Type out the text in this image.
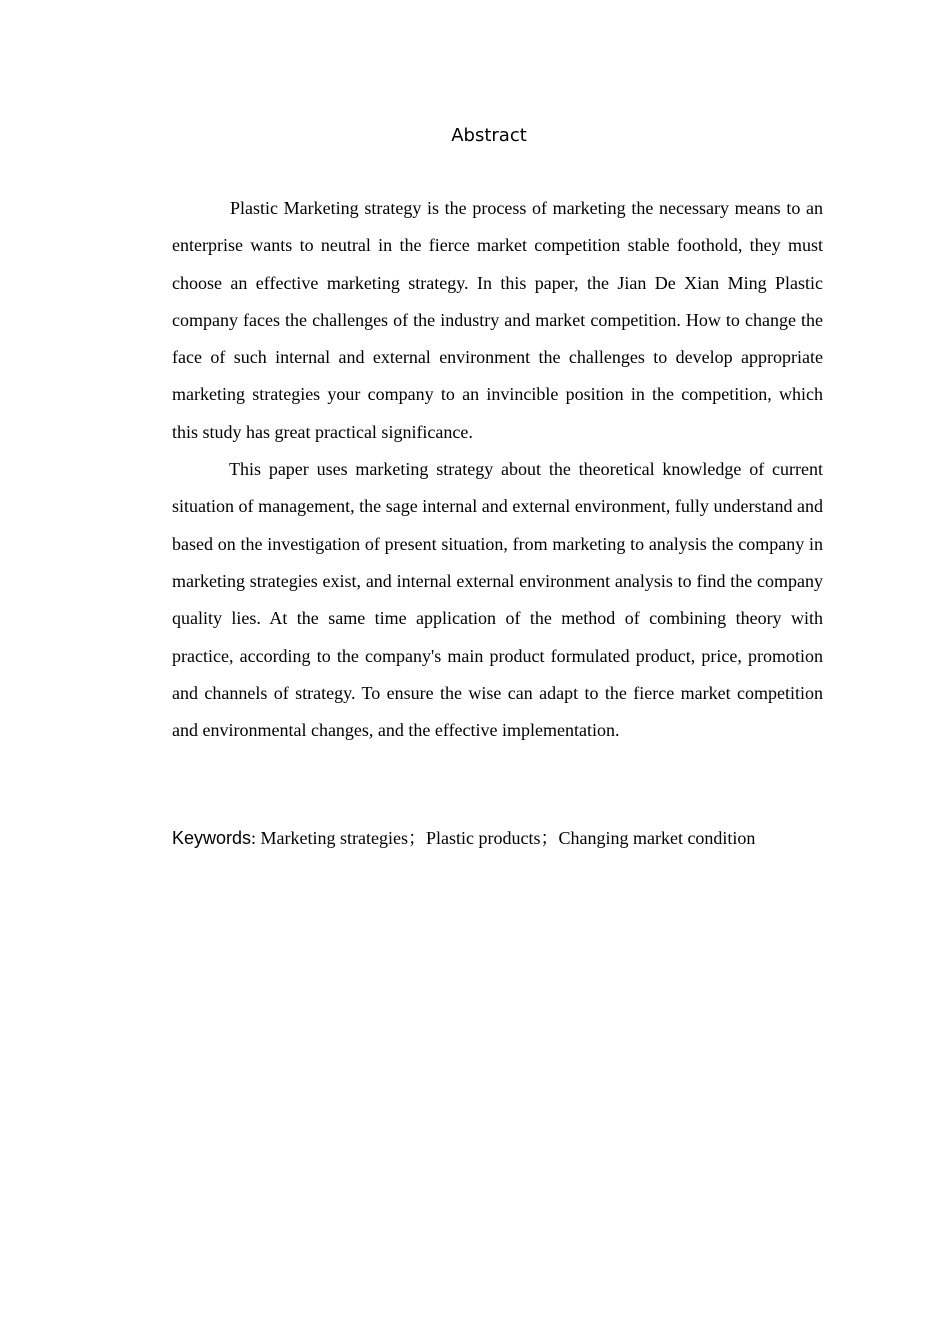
Abstract

Plastic Marketing strategy is the process of marketing the necessary means to an enterprise wants to neutral in the fierce market competition stable foothold, they must choose an effective marketing strategy. In this paper, the Jian De Xian Ming Plastic company faces the challenges of the industry and market competition. How to change the face of such internal and external environment the challenges to develop appropriate marketing strategies your company to an invincible position in the competition, which this study has great practical significance.

This paper uses marketing strategy about the theoretical knowledge of current situation of management, the sage internal and external environment, fully understand and based on the investigation of present situation, from marketing to analysis the company in marketing strategies exist, and internal external environment analysis to find the company quality lies. At the same time application of the method of combining theory with practice, according to the company's main product formulated product, price, promotion and channels of strategy. To ensure the wise can adapt to the fierce market competition and environmental changes, and the effective implementation.

Keywords: Marketing strategies；Plastic products；Changing market condition
